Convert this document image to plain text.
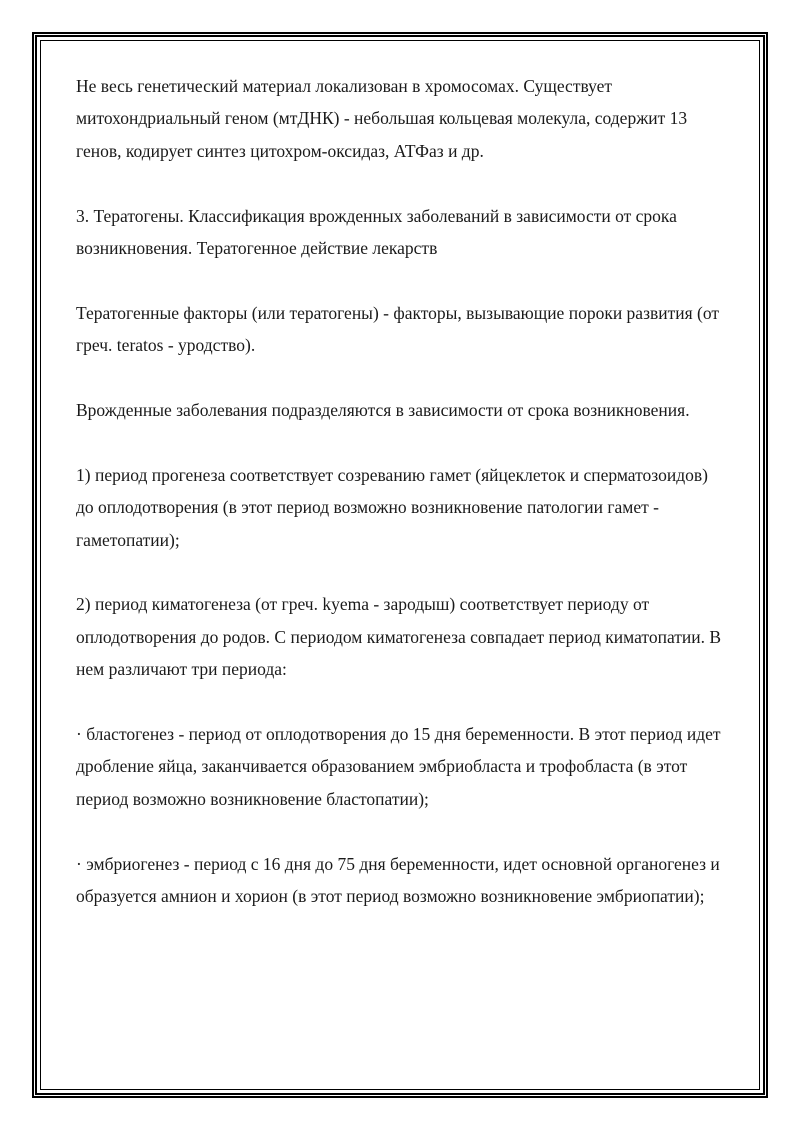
Не весь генетический материал локализован в хромосомах. Существует митохондриальный геном (мтДНК) - небольшая кольцевая молекула, содержит 13 генов, кодирует синтез цитохром-оксидаз, АТФаз и др.

3. Тератогены. Классификация врожденных заболеваний в зависимости от срока возникновения. Тератогенное действие лекарств

Тератогенные факторы (или тератогены) - факторы, вызывающие пороки развития (от греч. teratos - уродство).

Врожденные заболевания подразделяются в зависимости от срока возникновения.

1) период прогенеза соответствует созреванию гамет (яйцеклеток и сперматозоидов) до оплодотворения (в этот период возможно возникновение патологии гамет - гаметопатии);

2) период киматогенеза (от греч. kyema - зародыш) соответствует периоду от оплодотворения до родов. С периодом киматогенеза совпадает период киматопатии. В нем различают три периода:

· бластогенез - период от оплодотворения до 15 дня беременности. В этот период идет дробление яйца, заканчивается образованием эмбриобласта и трофобласта (в этот период возможно возникновение бластопатии);

· эмбриогенез - период с 16 дня до 75 дня беременности, идет основной органогенез и образуется амнион и хорион (в этот период возможно возникновение эмбриопатии);
